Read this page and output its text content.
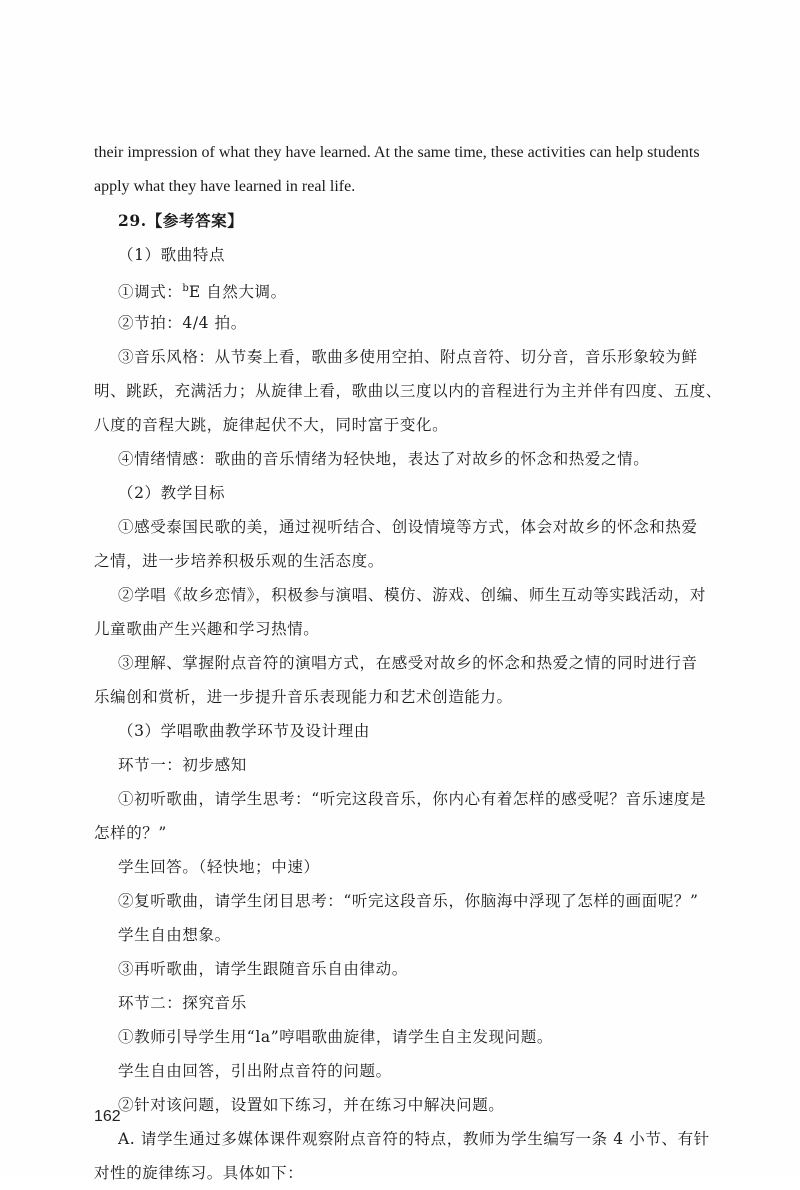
their impression of what they have learned. At the same time, these activities can help students
apply what they have learned in real life.
29.【参考答案】
（1）歌曲特点
①调式：$^b$E 自然大调。
②节拍：4/4 拍。
③音乐风格：从节奏上看，歌曲多使用空拍、附点音符、切分音，音乐形象较为鲜
明、跳跃，充满活力；从旋律上看，歌曲以三度以内的音程进行为主并伴有四度、五度、
八度的音程大跳，旋律起伏不大，同时富于变化。
④情绪情感：歌曲的音乐情绪为轻快地，表达了对故乡的怀念和热爱之情。
（2）教学目标
①感受泰国民歌的美，通过视听结合、创设情境等方式，体会对故乡的怀念和热爱
之情，进一步培养积极乐观的生活态度。
②学唱《故乡恋情》，积极参与演唱、模仿、游戏、创编、师生互动等实践活动，对
儿童歌曲产生兴趣和学习热情。
③理解、掌握附点音符的演唱方式，在感受对故乡的怀念和热爱之情的同时进行音
乐编创和赏析，进一步提升音乐表现能力和艺术创造能力。
（3）学唱歌曲教学环节及设计理由
环节一：初步感知
①初听歌曲，请学生思考：“听完这段音乐，你内心有着怎样的感受呢？音乐速度是
怎样的？”
学生回答。（轻快地；中速）
②复听歌曲，请学生闭目思考：“听完这段音乐，你脑海中浮现了怎样的画面呢？”
学生自由想象。
③再听歌曲，请学生跟随音乐自由律动。
环节二：探究音乐
①教师引导学生用“la”哼唱歌曲旋律，请学生自主发现问题。
学生自由回答，引出附点音符的问题。
②针对该问题，设置如下练习，并在练习中解决问题。
A. 请学生通过多媒体课件观察附点音符的特点，教师为学生编写一条 4 小节、有针
对性的旋律练习。具体如下：
162
